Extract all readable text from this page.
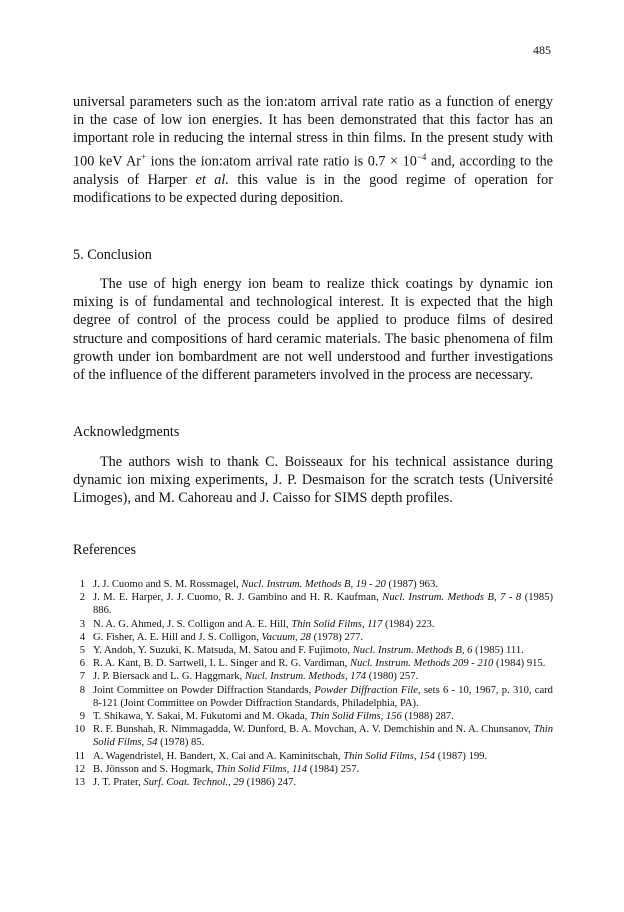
485

universal parameters such as the ion:atom arrival rate ratio as a function of energy in the case of low ion energies. It has been demonstrated that this factor has an important role in reducing the internal stress in thin films. In the present study with 100 keV Ar+ ions the ion:atom arrival rate ratio is $0.7 \times 10^{-4}$ and, according to the analysis of Harper et al. this value is in the good regime of operation for modifications to be expected during deposition.

5. Conclusion

The use of high energy ion beam to realize thick coatings by dynamic ion mixing is of fundamental and technological interest. It is expected that the high degree of control of the process could be applied to produce films of desired structure and compositions of hard ceramic materials. The basic phenomena of film growth under ion bombardment are not well understood and further investigations of the influence of the different parameters involved in the process are necessary.

Acknowledgments

The authors wish to thank C. Boisseaux for his technical assistance during dynamic ion mixing experiments, J. P. Desmaison for the scratch tests (Université Limoges), and M. Cahoreau and J. Caisso for SIMS depth profiles.

References
1 J. J. Cuomo and S. M. Rossmagel, Nucl. Instrum. Methods B, 19 - 20 (1987) 963.
2 J. M. E. Harper, J. J. Cuomo, R. J. Gambino and H. R. Kaufman, Nucl. Instrum. Methods B, 7 - 8 (1985) 886.
3 N. A. G. Ahmed, J. S. Colligon and A. E. Hill, Thin Solid Films, 117 (1984) 223.
4 G. Fisher, A. E. Hill and J. S. Colligon, Vacuum, 28 (1978) 277.
5 Y. Andoh, Y. Suzuki, K. Matsuda, M. Satou and F. Fujimoto, Nucl. Instrum. Methods B, 6 (1985) 111.
6 R. A. Kant, B. D. Sartwell, I. L. Singer and R. G. Vardiman, Nucl. Instrum. Methods 209 - 210 (1984) 915.
7 J. P. Biersack and L. G. Haggmark, Nucl. Instrum. Methods, 174 (1980) 257.
8 Joint Committee on Powder Diffraction Standards, Powder Diffraction File, sets 6 - 10, 1967, p. 310, card 8-121 (Joint Committee on Powder Diffraction Standards, Philadelphia, PA).
9 T. Shikawa, Y. Sakai, M. Fukutomi and M. Okada, Thin Solid Films, 156 (1988) 287.
10 R. F. Bunshah, R. Nimmagadda, W. Dunford, B. A. Movchan, A. V. Demchishin and N. A. Chunsanov, Thin Solid Films, 54 (1978) 85.
11 A. Wagendristel, H. Bandert, X. Cai and A. Kaminitschah, Thin Solid Films, 154 (1987) 199.
12 B. Jönsson and S. Hogmark, Thin Solid Films, 114 (1984) 257.
13 J. T. Prater, Surf. Coat. Technol., 29 (1986) 247.
